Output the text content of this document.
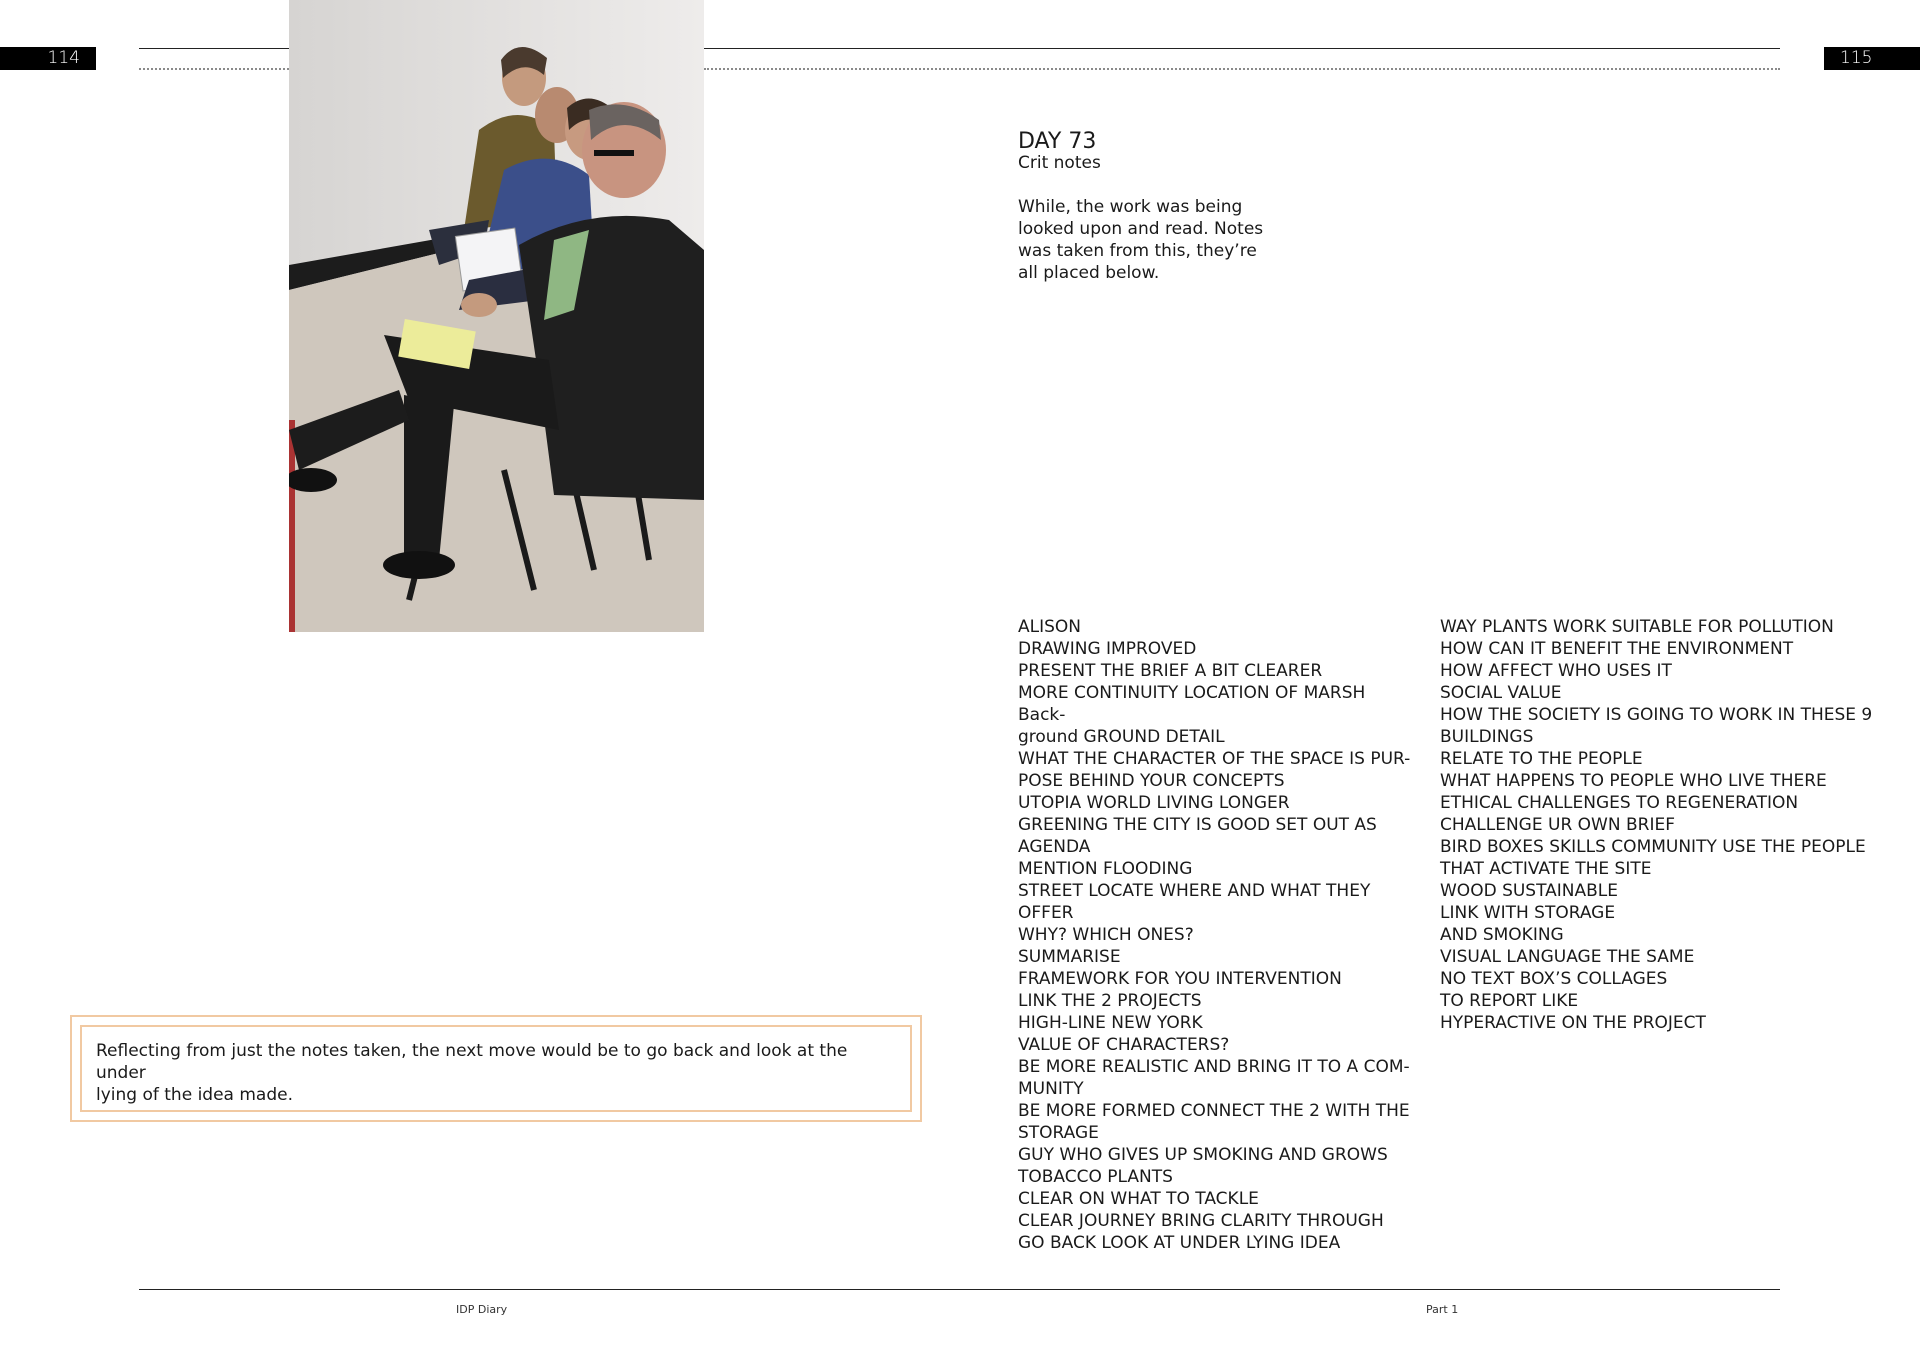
114	115
DAY 73
Crit notes
While, the work was being looked upon and read. Notes was taken from this, they’re all placed below.
ALISON
DRAWING IMPROVED
PRESENT THE BRIEF A BIT CLEARER
MORE CONTINUITY LOCATION OF MARSH Back-
ground GROUND DETAIL
WHAT THE CHARACTER OF THE SPACE IS PUR-
POSE BEHIND YOUR CONCEPTS
UTOPIA WORLD LIVING LONGER
GREENING THE CITY IS GOOD SET OUT AS
AGENDA
MENTION FLOODING
STREET LOCATE WHERE AND WHAT THEY
OFFER
WHY? WHICH ONES?
SUMMARISE
FRAMEWORK FOR YOU INTERVENTION
LINK THE 2 PROJECTS
HIGH-LINE NEW YORK
VALUE OF CHARACTERS?
BE MORE REALISTIC AND BRING IT TO A COM-
MUNITY
BE MORE FORMED CONNECT THE 2 WITH THE
STORAGE
GUY WHO GIVES UP SMOKING AND GROWS
TOBACCO PLANTS
CLEAR ON WHAT TO TACKLE
CLEAR JOURNEY BRING CLARITY THROUGH
GO BACK LOOK AT UNDER LYING IDEA
WAY PLANTS WORK SUITABLE FOR POLLUTION
HOW CAN IT BENEFIT THE ENVIRONMENT
HOW AFFECT WHO USES IT
SOCIAL VALUE
HOW THE SOCIETY IS GOING TO WORK IN THESE 9
BUILDINGS
RELATE TO THE PEOPLE
WHAT HAPPENS TO PEOPLE WHO LIVE THERE
ETHICAL CHALLENGES TO REGENERATION
CHALLENGE UR OWN BRIEF
BIRD BOXES SKILLS COMMUNITY USE THE PEOPLE
THAT ACTIVATE THE SITE
WOOD SUSTAINABLE
LINK WITH STORAGE
AND SMOKING
VISUAL LANGUAGE THE SAME
NO TEXT BOX’S COLLAGES
TO REPORT LIKE
HYPERACTIVE ON THE PROJECT
Reflecting from just the notes taken, the next move would be to go back and look at the under
lying of the idea made.
IDP Diary	Part 1
